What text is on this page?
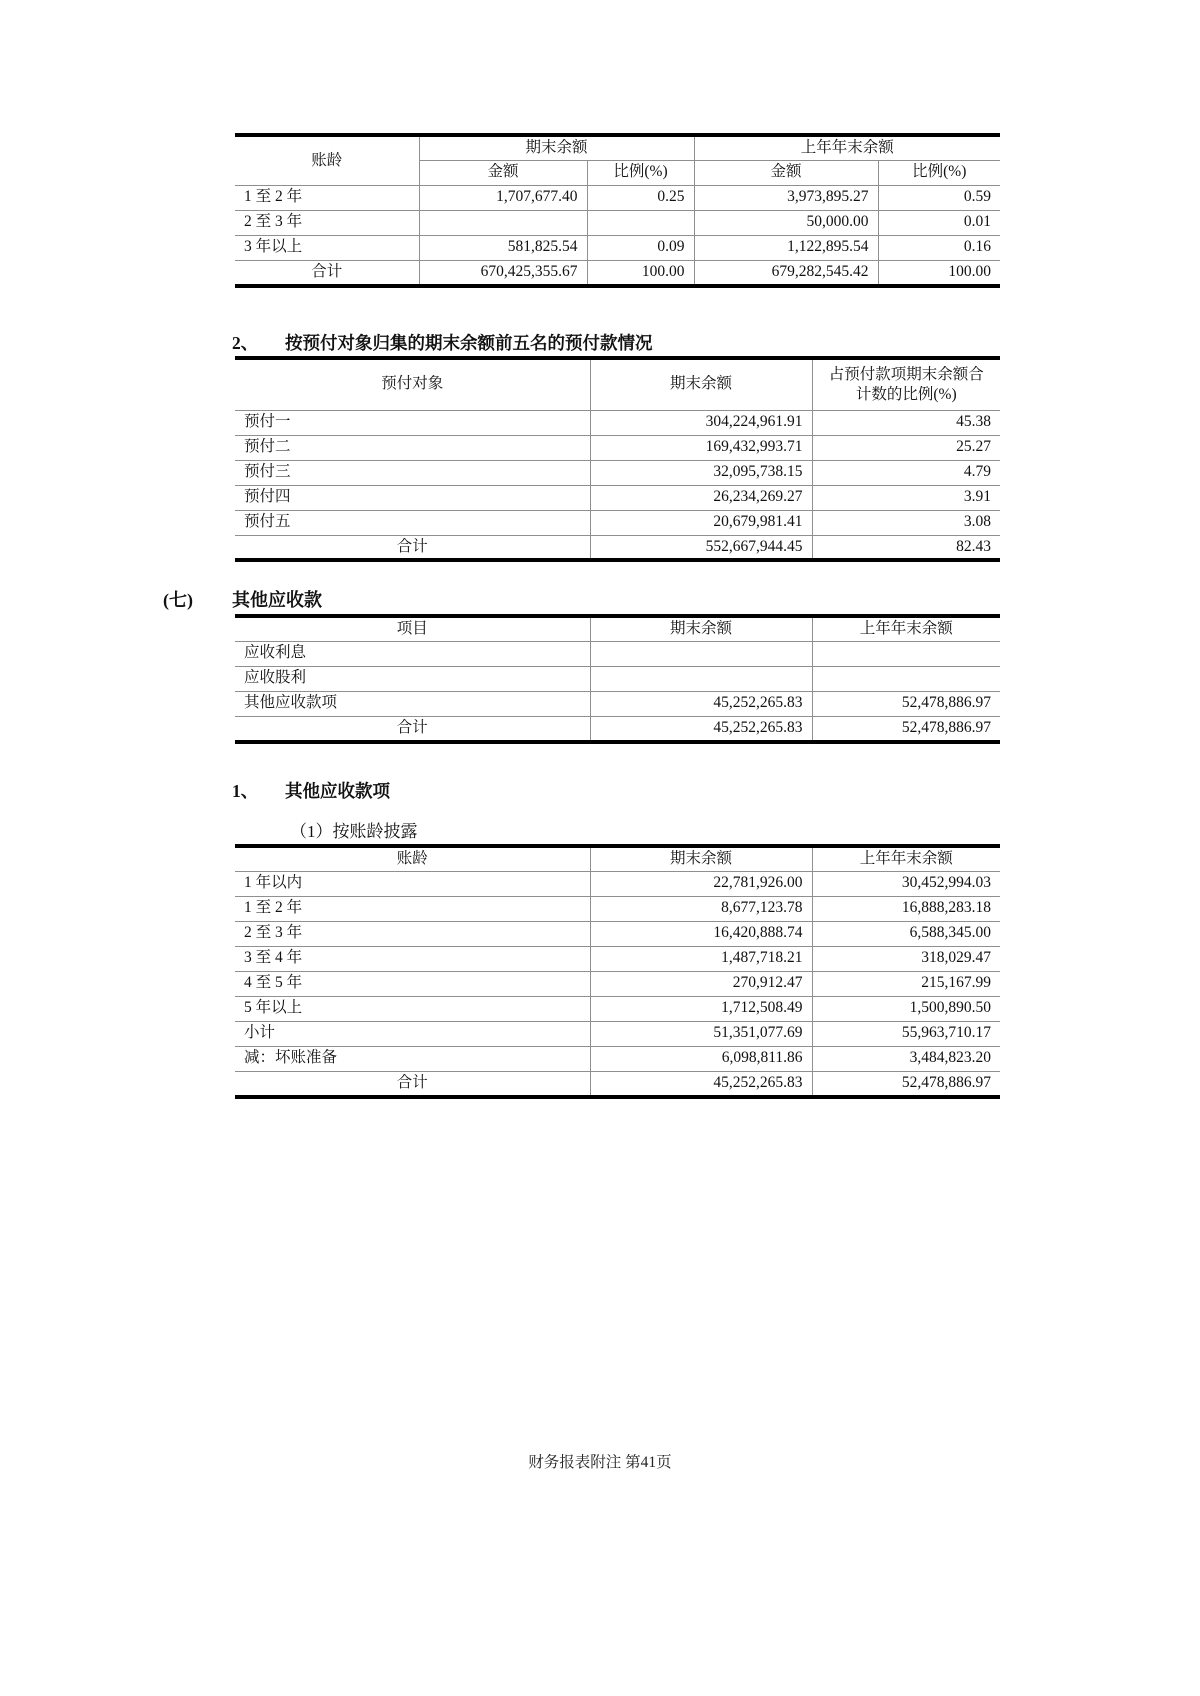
账龄	期末余额		上年年末余额	
	金额	比例(%)	金额	比例(%)
1 至 2 年	1,707,677.40	0.25	3,973,895.27	0.59
2 至 3 年			50,000.00	0.01
3 年以上	581,825.54	0.09	1,122,895.54	0.16
合计	670,425,355.67	100.00	679,282,545.42	100.00
2、 按预付对象归集的期末余额前五名的预付款情况
预付对象	期末余额	占预付款项期末余额合
计数的比例(%)

预付一	304,224,961.91	45.38
预付二	169,432,993.71	25.27
预付三	32,095,738.15	4.79
预付四	26,234,269.27	3.91
预付五	20,679,981.41	3.08
合计	552,667,944.45	82.43
(七) 其他应收款
项目	期末余额	上年年末余额
应收利息		
应收股利		
其他应收款项	45,252,265.83	52,478,886.97
合计	45,252,265.83	52,478,886.97
1、 其他应收款项
（1）按账龄披露
账龄	期末余额	上年年末余额
1 年以内	22,781,926.00	30,452,994.03
1 至 2 年	8,677,123.78	16,888,283.18
2 至 3 年	16,420,888.74	6,588,345.00
3 至 4 年	1,487,718.21	318,029.47
4 至 5 年	270,912.47	215,167.99
5 年以上	1,712,508.49	1,500,890.50
小计	51,351,077.69	55,963,710.17
减：坏账准备	6,098,811.86	3,484,823.20
合计	45,252,265.83	52,478,886.97
财务报表附注 第41页
